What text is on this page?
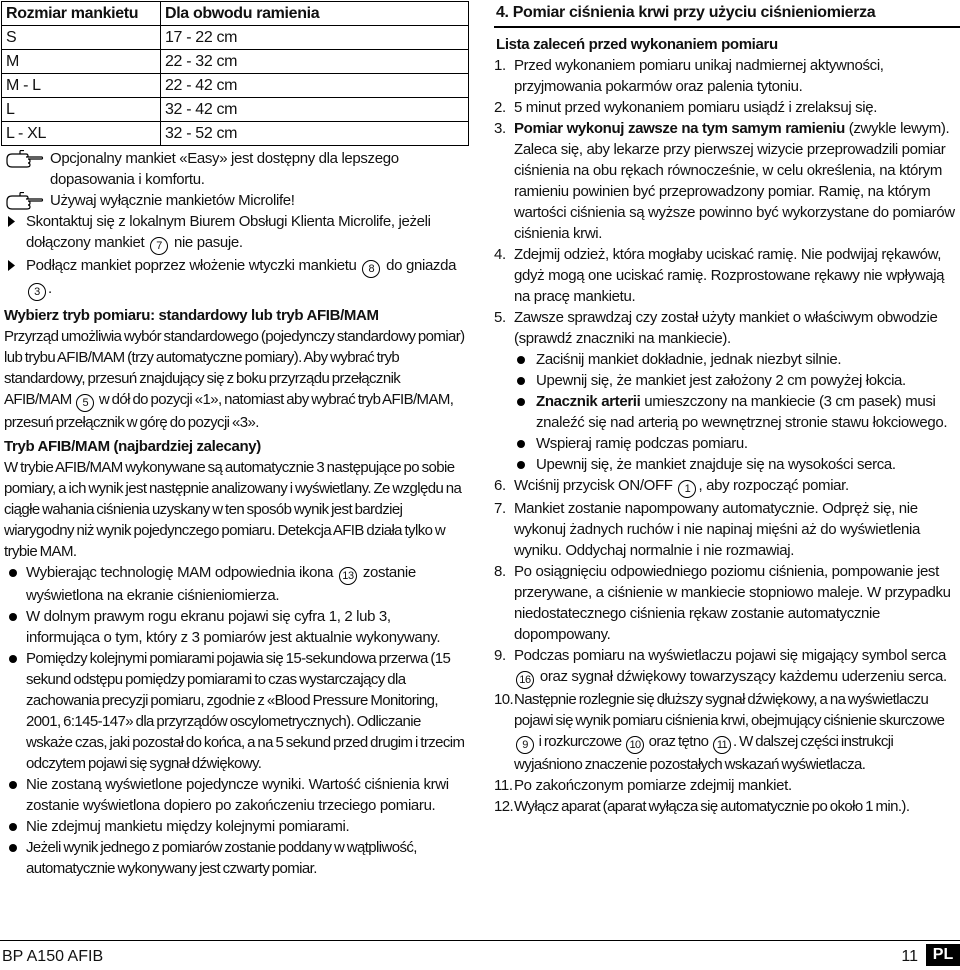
Rozmiar mankietu	Dla obwodu ramienia
S	17 - 22 cm
M	22 - 32 cm
M - L	22 - 42 cm
L	32 - 42 cm
L - XL	32 - 52 cm

Opcjonalny mankiet «Easy» jest dostępny dla lepszego dopasowania i komfortu.

Używaj wyłącznie mankietów Microlife!

Skontaktuj się z lokalnym Biurem Obsługi Klienta Microlife, jeżeli dołączony mankiet 7 nie pasuje.

Podłącz mankiet poprzez włożenie wtyczki mankietu 8 do gniazda 3 .

Wybierz tryb pomiaru: standardowy lub tryb AFIB/MAM

Przyrząd umożliwia wybór standardowego (pojedynczy standardowy pomiar) lub trybu AFIB/MAM (trzy automatyczne pomiary). Aby wybrać tryb standardowy, przesuń znajdujący się z boku przyrządu przełącznik AFIB/MAM 5 w dół do pozycji «1», natomiast aby wybrać tryb AFIB/MAM, przesuń przełącznik w górę do pozycji «3».

Tryb AFIB/MAM (najbardziej zalecany)

W trybie AFIB/MAM wykonywane są automatycznie 3 następujące po sobie pomiary, a ich wynik jest następnie analizowany i wyświetlany. Ze względu na ciągłe wahania ciśnienia uzyskany w ten sposób wynik jest bardziej wiarygodny niż wynik pojedynczego pomiaru. Detekcja AFIB działa tylko w trybie MAM.

Wybierając technologię MAM odpowiednia ikona 13 zostanie wyświetlona na ekranie ciśnieniomierza.

W dolnym prawym rogu ekranu pojawi się cyfra 1, 2 lub 3, informująca o tym, który z 3 pomiarów jest aktualnie wykonywany.

Pomiędzy kolejnymi pomiarami pojawia się 15-sekundowa przerwa (15 sekund odstępu pomiędzy pomiarami to czas wystarczający dla zachowania precyzji pomiaru, zgodnie z «Blood Pressure Monitoring, 2001, 6:145-147» dla przyrządów oscylometrycznych). Odliczanie wskaże czas, jaki pozostał do końca, a na 5 sekund przed drugim i trzecim odczytem pojawi się sygnał dźwiękowy.

Nie zostaną wyświetlone pojedyncze wyniki. Wartość ciśnienia krwi zostanie wyświetlona dopiero po zakończeniu trzeciego pomiaru.

Nie zdejmuj mankietu między kolejnymi pomiarami.

Jeżeli wynik jednego z pomiarów zostanie poddany w wątpliwość, automatycznie wykonywany jest czwarty pomiar.

4. Pomiar ciśnienia krwi przy użyciu ciśnieniomierza

Lista zaleceń przed wykonaniem pomiaru

1. Przed wykonaniem pomiaru unikaj nadmiernej aktywności, przyjmowania pokarmów oraz palenia tytoniu.
2. 5 minut przed wykonaniem pomiaru usiądź i zrelaksuj się.
3. Pomiar wykonuj zawsze na tym samym ramieniu (zwykle lewym). Zaleca się, aby lekarze przy pierwszej wizycie przeprowadzili pomiar ciśnienia na obu rękach równocześnie, w celu określenia, na którym ramieniu powinien być przeprowadzony pomiar. Ramię, na którym wartości ciśnienia są wyższe powinno być wykorzystane do pomiarów ciśnienia krwi.
4. Zdejmij odzież, która mogłaby uciskać ramię. Nie podwijaj rękawów, gdyż mogą one uciskać ramię. Rozprostowane rękawy nie wpływają na pracę mankietu.
5. Zawsze sprawdzaj czy został użyty mankiet o właściwym obwodzie (sprawdź znaczniki na mankiecie).
Zaciśnij mankiet dokładnie, jednak niezbyt silnie.
Upewnij się, że mankiet jest założony 2 cm powyżej łokcia.
Znacznik arterii umieszczony na mankiecie (3 cm pasek) musi znaleźć się nad arterią po wewnętrznej stronie stawu łokciowego.
Wspieraj ramię podczas pomiaru.
Upewnij się, że mankiet znajduje się na wysokości serca.
6. Wciśnij przycisk ON/OFF 1 , aby rozpocząć pomiar.
7. Mankiet zostanie napompowany automatycznie. Odpręż się, nie wykonuj żadnych ruchów i nie napinaj mięśni aż do wyświetlenia wyniku. Oddychaj normalnie i nie rozmawiaj.
8. Po osiągnięciu odpowiedniego poziomu ciśnienia, pompowanie jest przerywane, a ciśnienie w mankiecie stopniowo maleje. W przypadku niedostatecznego ciśnienia rękaw zostanie automatycznie dopompowany.
9. Podczas pomiaru na wyświetlaczu pojawi się migający symbol serca 16 oraz sygnał dźwiękowy towarzyszący każdemu uderzeniu serca.
10. Następnie rozlegnie się dłuższy sygnał dźwiękowy, a na wyświetlaczu pojawi się wynik pomiaru ciśnienia krwi, obejmujący ciśnienie skurczowe 9 i rozkurczowe 10 oraz tętno 11 . W dalszej części instrukcji wyjaśniono znaczenie pozostałych wskazań wyświetlacza.
11. Po zakończonym pomiarze zdejmij mankiet.
12. Wyłącz aparat (aparat wyłącza się automatycznie po około 1 min.).
BP A150 AFIB	11 PL
